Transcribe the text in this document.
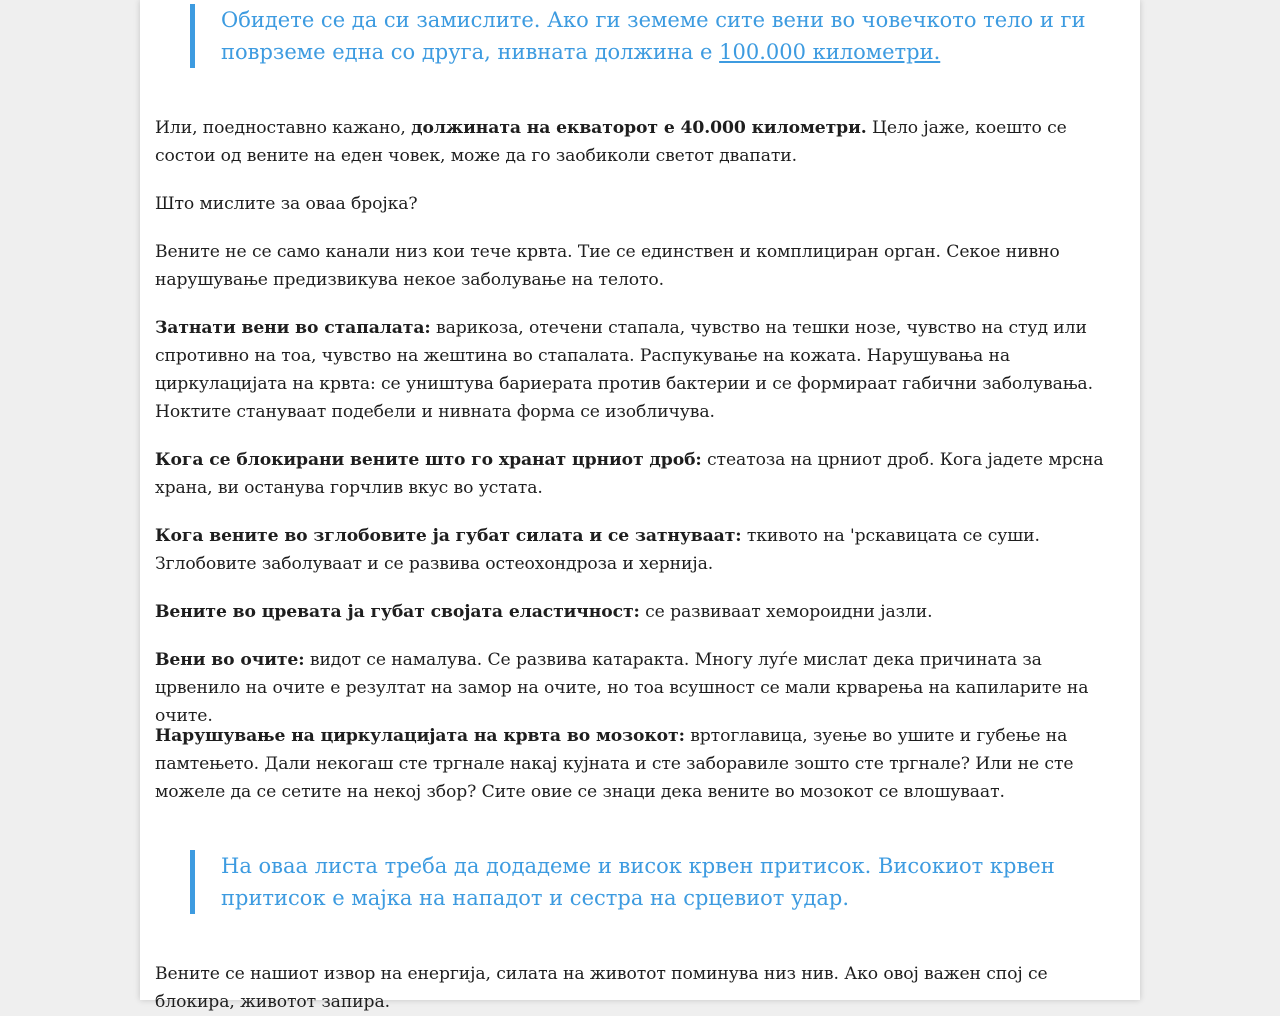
Обидете се да си замислите. Ако ги земеме сите вени во човечкото тело и ги поврземе една со друга, нивната должина е 100.000 километри.

Или, поедноставно кажано, должината на екваторот е 40.000 километри. Цело јаже, коешто се состои од вените на еден човек, може да го заобиколи светот двапати.

Што мислите за оваа бројка?

Вените не се само канали низ кои тече крвта. Тие се единствен и комплициран орган. Секое нивно нарушување предизвикува некое заболување на телото.

Затнати вени во стапалата: варикоза, отечени стапала, чувство на тешки нозе, чувство на студ или спротивно на тоа, чувство на жештина во стапалата. Распукување на кожата. Нарушувања на циркулацијата на крвта: се уништува бариерата против бактерии и се формираат габични заболувања. Ноктите стануваат подебели и нивната форма се изобличува.

Кога се блокирани вените што го хранат црниот дроб: стеатоза на црниот дроб. Кога јадете мрсна храна, ви останува горчлив вкус во устата.

Кога вените во зглобовите ја губат силата и се затнуваат: ткивото на 'рскавицата се суши. Зглобовите заболуваат и се развива остеохондроза и хернија.

Вените во цревата ја губат својата еластичност: се развиваат хемороидни јазли.

Вени во очите: видот се намалува. Се развива катаракта. Многу луѓе мислат дека причината за црвенило на очите е резултат на замор на очите, но тоа всушност се мали крварења на капиларите на очите.

Нарушување на циркулацијата на крвта во мозокот: вртоглавица, зуење во ушите и губење на памтењето. Дали некогаш сте тргнале накај кујната и сте заборавиле зошто сте тргнале? Или не сте можеле да се сетите на некој збор? Сите овие се знаци дека вените во мозокот се влошуваат.

На оваа листа треба да додадеме и висок крвен притисок. Високиот крвен притисок е мајка на нападот и сестра на срцевиот удар.

Вените се нашиот извор на енергија, силата на животот поминува низ нив. Ако овој важен спој се блокира, животот запира.
